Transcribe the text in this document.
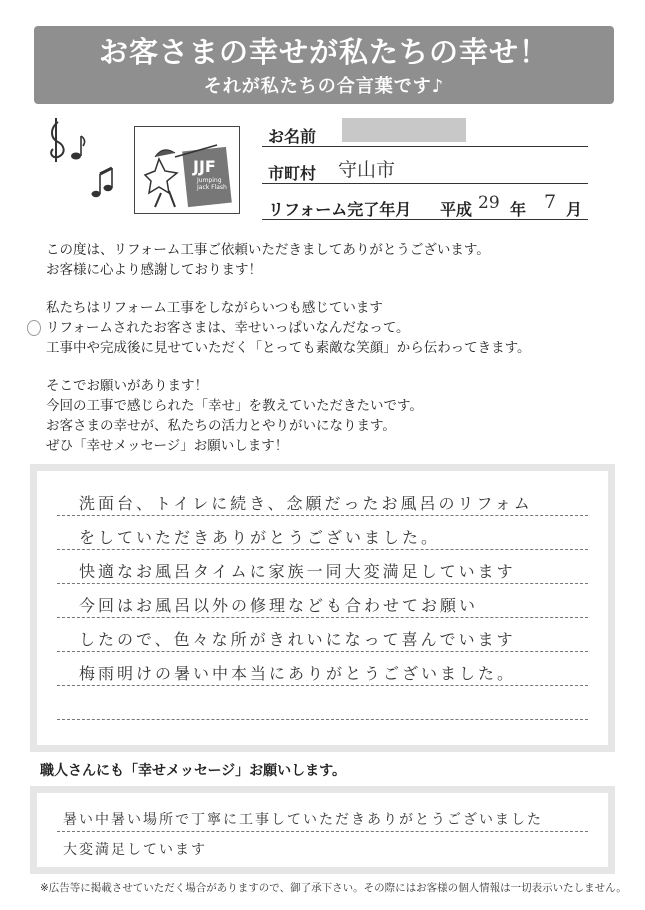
お客さまの幸せが私たちの幸せ！
それが私たちの合言葉です♪
JJF
Jumping Jack Flash
お名前
市町村 守山市
リフォーム完了年月 平成 29 年 7 月
この度は、リフォーム工事ご依頼いただきましてありがとうございます。
お客様に心より感謝しております！
私たちはリフォーム工事をしながらいつも感じています
リフォームされたお客さまは、幸せいっぱいなんだなって。
工事中や完成後に見せていただく「とっても素敵な笑顔」から伝わってきます。
そこでお願いがあります！
今回の工事で感じられた「幸せ」を教えていただきたいです。
お客さまの幸せが、私たちの活力とやりがいになります。
ぜひ「幸せメッセージ」お願いします！
洗面台、トイレに続き、念願だったお風呂のリフォム
をしていただきありがとうございました。
快適なお風呂タイムに家族一同大変満足しています
今回はお風呂以外の修理なども合わせてお願い
したので、色々な所がきれいになって喜んでいます
梅雨明けの暑い中本当にありがとうございました。
職人さんにも「幸せメッセージ」お願いします。
暑い中暑い場所で丁寧に工事していただきありがとうございました
大変満足しています
※広告等に掲載させていただく場合がありますので、御了承下さい。その際にはお客様の個人情報は一切表示いたしません。
